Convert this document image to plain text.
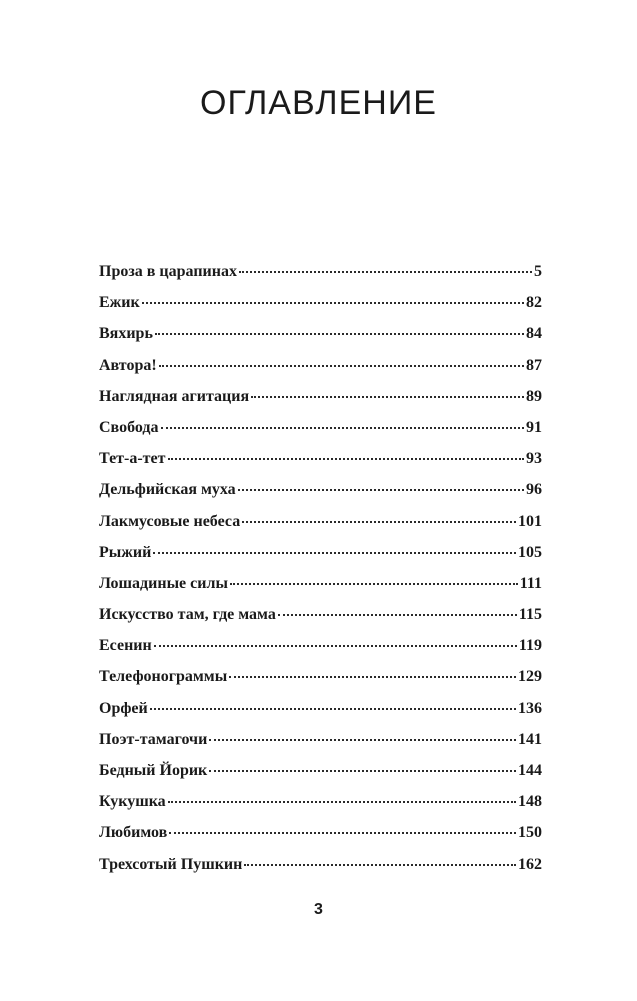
ОГЛАВЛЕНИЕ
Проза в царапинах	5
Ежик	82
Вяхирь	84
Автора!	87
Наглядная агитация	89
Свобода	91
Тет-а-тет	93
Дельфийская муха	96
Лакмусовые небеса	101
Рыжий	105
Лошадиные силы	111
Искусство там, где мама	115
Есенин	119
Телефонограммы	129
Орфей	136
Поэт-тамагочи	141
Бедный Йорик	144
Кукушка	148
Любимов	150
Трехсотый Пушкин	162
3
